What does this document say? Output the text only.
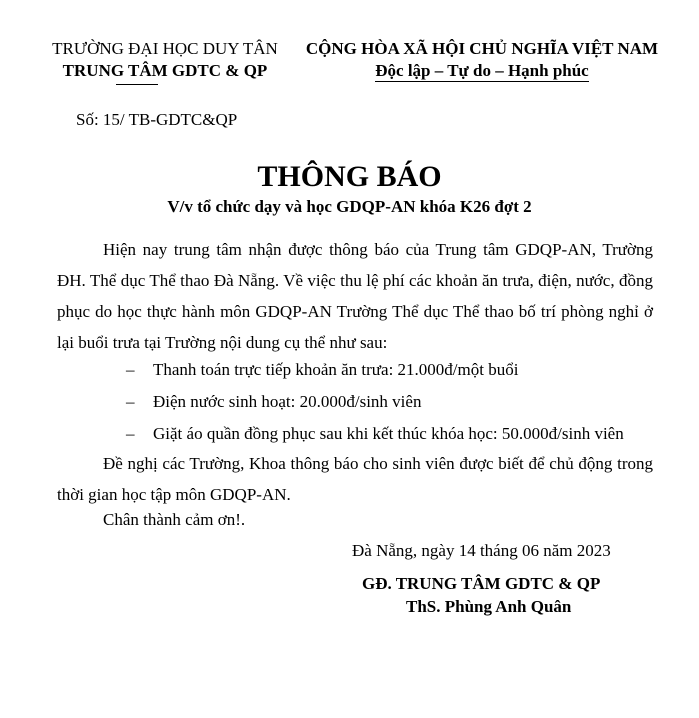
TRƯỜNG ĐẠI HỌC DUY TÂN
TRUNG TÂM GDTC & QP
CỘNG HÒA XÃ HỘI CHỦ NGHĨA VIỆT NAM
Độc lập – Tự do – Hạnh phúc
Số: 15/ TB-GDTC&QP
THÔNG BÁO
V/v tổ chức dạy và học GDQP-AN khóa K26 đợt 2
Hiện nay trung tâm nhận được thông báo của Trung tâm GDQP-AN, Trường ĐH. Thể dục Thể thao Đà Nẵng. Về việc thu lệ phí các khoản ăn trưa, điện, nước, đồng phục do học thực hành môn GDQP-AN Trường Thể dục Thể thao bố trí phòng nghỉ ở lại buổi trưa tại Trường nội dung cụ thể như sau:
– Thanh toán trực tiếp khoản ăn trưa: 21.000đ/một buổi
– Điện nước sinh hoạt: 20.000đ/sinh viên
– Giặt áo quần đồng phục sau khi kết thúc khóa học: 50.000đ/sinh viên
Đề nghị các Trường, Khoa thông báo cho sinh viên được biết để chủ động trong thời gian học tập môn GDQP-AN.
Chân thành cảm ơn!.
Đà Nẵng, ngày 14 tháng 06 năm 2023
GĐ. TRUNG TÂM GDTC & QP
ThS. Phùng Anh Quân
